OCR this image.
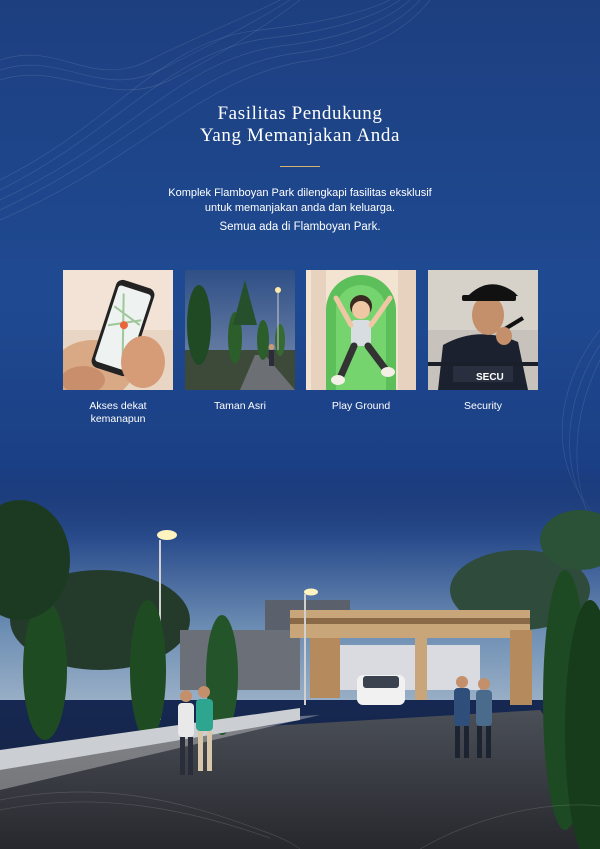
Fasilitas Pendukung
Yang Memanjakan Anda
Komplek Flamboyan Park dilengkapi fasilitas eksklusif
untuk memanjakan anda dan keluarga.
Semua ada di Flamboyan Park.
Akses dekat
kemanapun
Taman Asri	Play Ground
SECU
Security
